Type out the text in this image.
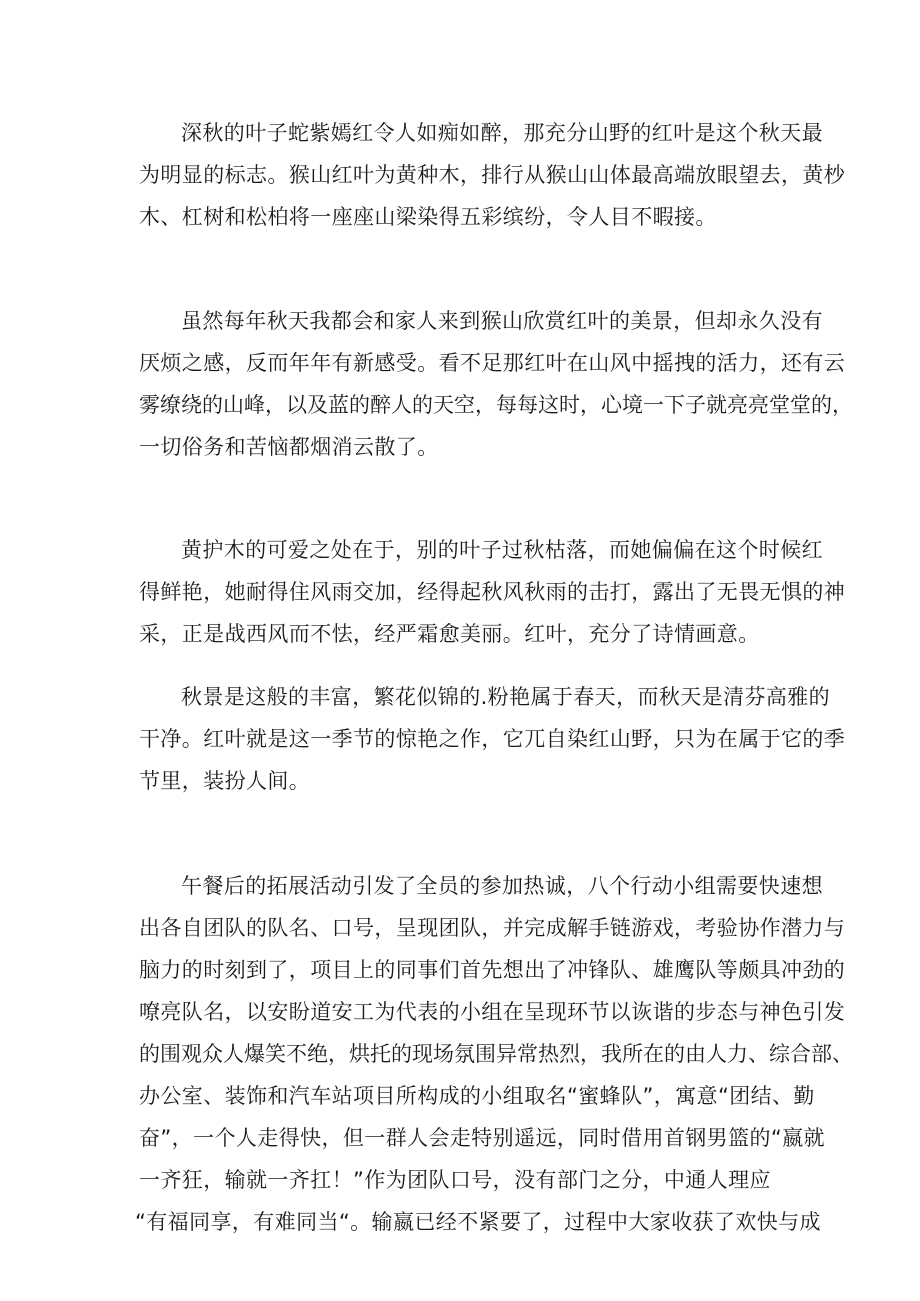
深秋的叶子蛇紫嫣红令人如痴如醉，那充分山野的红叶是这个秋天最
为明显的标志。猴山红叶为黄种木，排行从猴山山体最高端放眼望去，黄杪
木、杠树和松柏将一座座山梁染得五彩缤纷，令人目不暇接。
虽然每年秋天我都会和家人来到猴山欣赏红叶的美景，但却永久没有
厌烦之感，反而年年有新感受。看不足那红叶在山风中摇拽的活力，还有云
雾缭绕的山峰，以及蓝的醉人的天空，每每这时，心境一下子就亮亮堂堂的，
一切俗务和苦恼都烟消云散了。
黄护木的可爱之处在于，别的叶子过秋枯落，而她偏偏在这个时候红
得鲜艳，她耐得住风雨交加，经得起秋风秋雨的击打，露出了无畏无惧的神
采，正是战西风而不怯，经严霜愈美丽。红叶，充分了诗情画意。
秋景是这般的丰富，繁花似锦的.粉艳属于春天，而秋天是清芬高雅的
干净。红叶就是这一季节的惊艳之作，它兀自染红山野，只为在属于它的季
节里，装扮人间。
午餐后的拓展活动引发了全员的参加热诚，八个行动小组需要快速想
出各自团队的队名、口号，呈现团队，并完成解手链游戏，考验协作潜力与
脑力的时刻到了，项目上的同事们首先想出了冲锋队、雄鹰队等颇具冲劲的
嘹亮队名，以安盼道安工为代表的小组在呈现环节以诙谐的步态与神色引发
的围观众人爆笑不绝，烘托的现场氛围异常热烈，我所在的由人力、综合部、
办公室、装饰和汽车站项目所构成的小组取名“蜜蜂队”，寓意“团结、勤
奋”，一个人走得快，但一群人会走特别遥远，同时借用首钢男篮的“嬴就
一齐狂，输就一齐扛！”作为团队口号，没有部门之分，中通人理应
“有福同享，有难同当“。输嬴已经不紧要了，过程中大家收获了欢快与成
